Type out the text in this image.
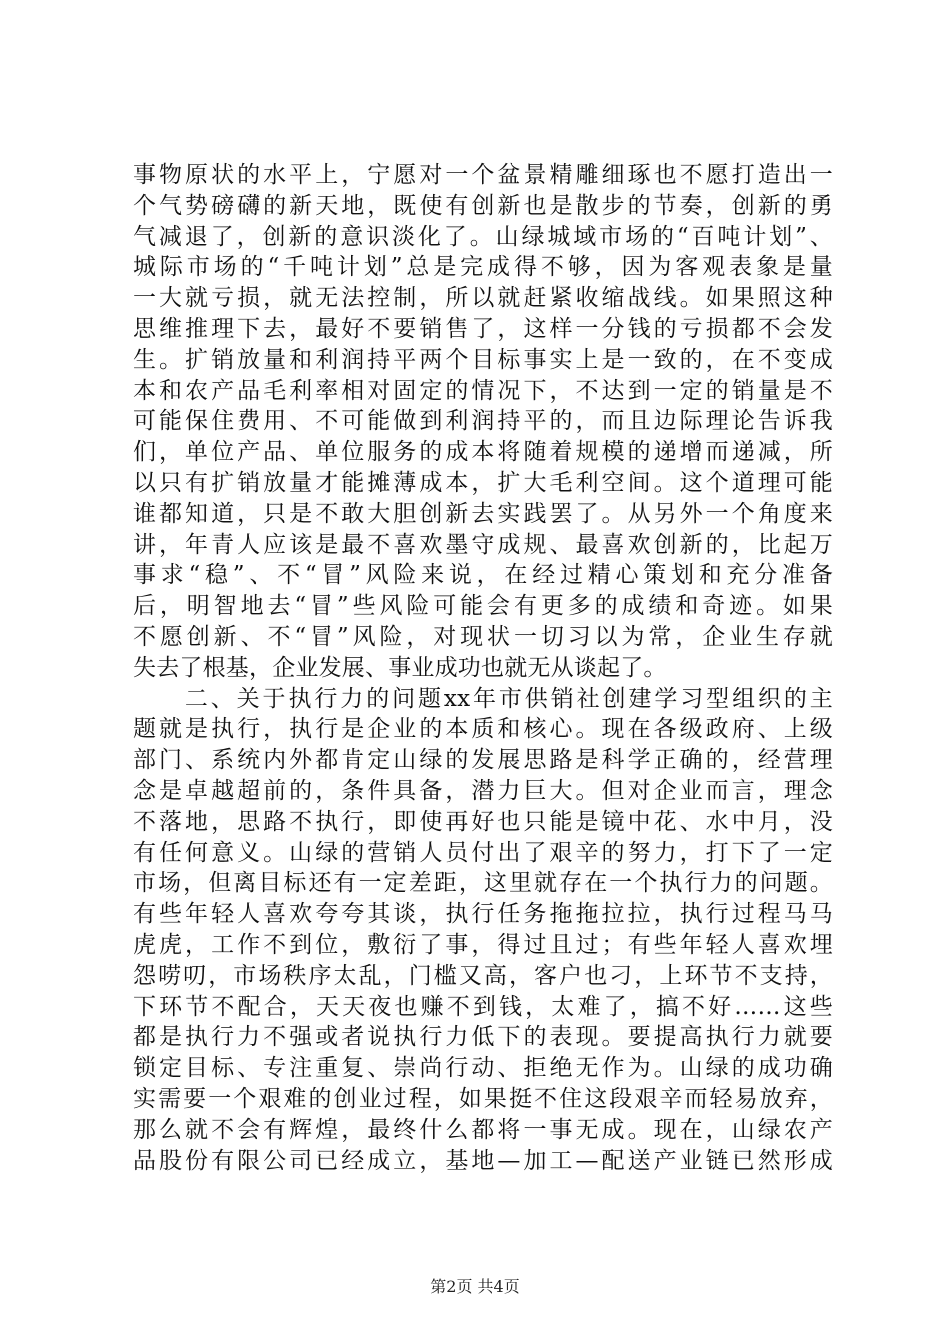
事物原状的水平上，宁愿对一个盆景精雕细琢也不愿打造出一
个气势磅礴的新天地，既使有创新也是散步的节奏，创新的勇
气减退了，创新的意识淡化了。山绿城域市场的“百吨计划”、
城际市场的“千吨计划”总是完成得不够，因为客观表象是量
一大就亏损，就无法控制，所以就赶紧收缩战线。如果照这种
思维推理下去，最好不要销售了，这样一分钱的亏损都不会发
生。扩销放量和利润持平两个目标事实上是一致的，在不变成
本和农产品毛利率相对固定的情况下，不达到一定的销量是不
可能保住费用、不可能做到利润持平的，而且边际理论告诉我
们，单位产品、单位服务的成本将随着规模的递增而递减，所
以只有扩销放量才能摊薄成本，扩大毛利空间。这个道理可能
谁都知道，只是不敢大胆创新去实践罢了。从另外一个角度来
讲，年青人应该是最不喜欢墨守成规、最喜欢创新的，比起万
事求“稳”、不“冒”风险来说，在经过精心策划和充分准备
后，明智地去“冒”些风险可能会有更多的成绩和奇迹。如果
不愿创新、不“冒”风险，对现状一切习以为常，企业生存就
失去了根基，企业发展、事业成功也就无从谈起了。
　　二、关于执行力的问题xx年市供销社创建学习型组织的主
题就是执行，执行是企业的本质和核心。现在各级政府、上级
部门、系统内外都肯定山绿的发展思路是科学正确的，经营理
念是卓越超前的，条件具备，潜力巨大。但对企业而言，理念
不落地，思路不执行，即使再好也只能是镜中花、水中月，没
有任何意义。山绿的营销人员付出了艰辛的努力，打下了一定
市场，但离目标还有一定差距，这里就存在一个执行力的问题。
有些年轻人喜欢夸夸其谈，执行任务拖拖拉拉，执行过程马马
虎虎，工作不到位，敷衍了事，得过且过；有些年轻人喜欢埋
怨唠叨，市场秩序太乱，门槛又高，客户也刁，上环节不支持，
下环节不配合，天天夜也赚不到钱，太难了，搞不好……这些
都是执行力不强或者说执行力低下的表现。要提高执行力就要
锁定目标、专注重复、崇尚行动、拒绝无作为。山绿的成功确
实需要一个艰难的创业过程，如果挺不住这段艰辛而轻易放弃，
那么就不会有辉煌，最终什么都将一事无成。现在，山绿农产
品股份有限公司已经成立，基地—加工—配送产业链已然形成
第2页 共4页
